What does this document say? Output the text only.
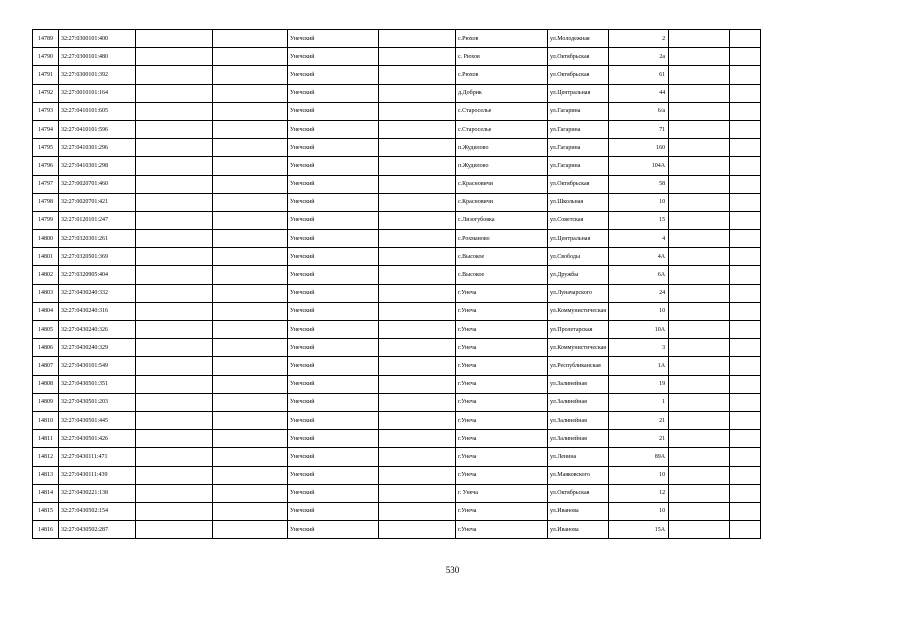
14789	32:27:0300101:400			Унечский		с.Рюхов	ул.Молодежная	2		
14790	32:27:0300101:480			Унечский		с. Рюхов	ул.Октябрьская	2а		
14791	32:27:0300101:392			Унечский		с.Рюхов	ул.Октябрьская	61		
14792	32:27:0010101:164			Унечский		д.Добрик	ул.Центральная	44		
14793	32:27:0410101:605			Унечский		с.Староселье	ул.Гагарина	6/а		
14794	32:27:0410101:596			Унечский		с.Староселье	ул.Гагарина	71		
14795	32:27:0410301:296			Унечский		п.Жудилово	ул.Гагарина	160		
14796	32:27:0410301:298			Унечский		п.Жудилово	ул.Гагарина	104А		
14797	32:27:0020701:460			Унечский		с.Красновичи	ул.Октябрьская	58		
14798	32:27:0020701:421			Унечский		с.Красновичи	ул.Школьная	10		
14799	32:27:0120101:247			Унечский		с.Лизогубовка	ул.Советская	15		
14800	32:27:0320301:261			Унечский		с.Рохманово	ул.Центральная	4		
14801	32:27:0320501:369			Унечский		с.Высокое	ул.Свободы	4А		
14802	32:27:0320905:404			Унечский		с.Высокое	ул.Дружбы	6А		
14803	32:27:0430240:332			Унечский		г.Унеча	ул.Луначарского	24		
14804	32:27:0430240:316			Унечский		г.Унеча	ул.Коммунистическая	10		
14805	32:27:0430240:326			Унечский		г.Унеча	ул.Пролетарская	10А		
14806	32:27:0430240:329			Унечский		г.Унеча	ул.Коммунистическая	3		
14807	32:27:0430101:549			Унечский		г.Унеча	ул.Республиканская	1А		
14808	32:27:0430501:351			Унечский		г.Унеча	ул.Залинейная	19		
14809	32:27:0430501:203			Унечский		г.Унеча	ул.Залинейная	1		
14810	32:27:0430501:445			Унечский		г.Унеча	ул.Залинейная	21		
14811	32:27:0430501:426			Унечский		г.Унеча	ул.Залинейная	21		
14812	32:27:0430111:471			Унечский		г.Унеча	ул.Ленина	89А		
14813	32:27:0430111:439			Унечский		г.Унеча	ул.Маяковского	10		
14814	32:27:0430221:138			Унечский		г. Унеча	ул.Октябрьская	12		
14815	32:27:0430502:154			Унечский		г.Унеча	ул.Иванова	10		
14816	32:27:0430502:287			Унечский		г.Унеча	ул.Иванова	15А		
530
